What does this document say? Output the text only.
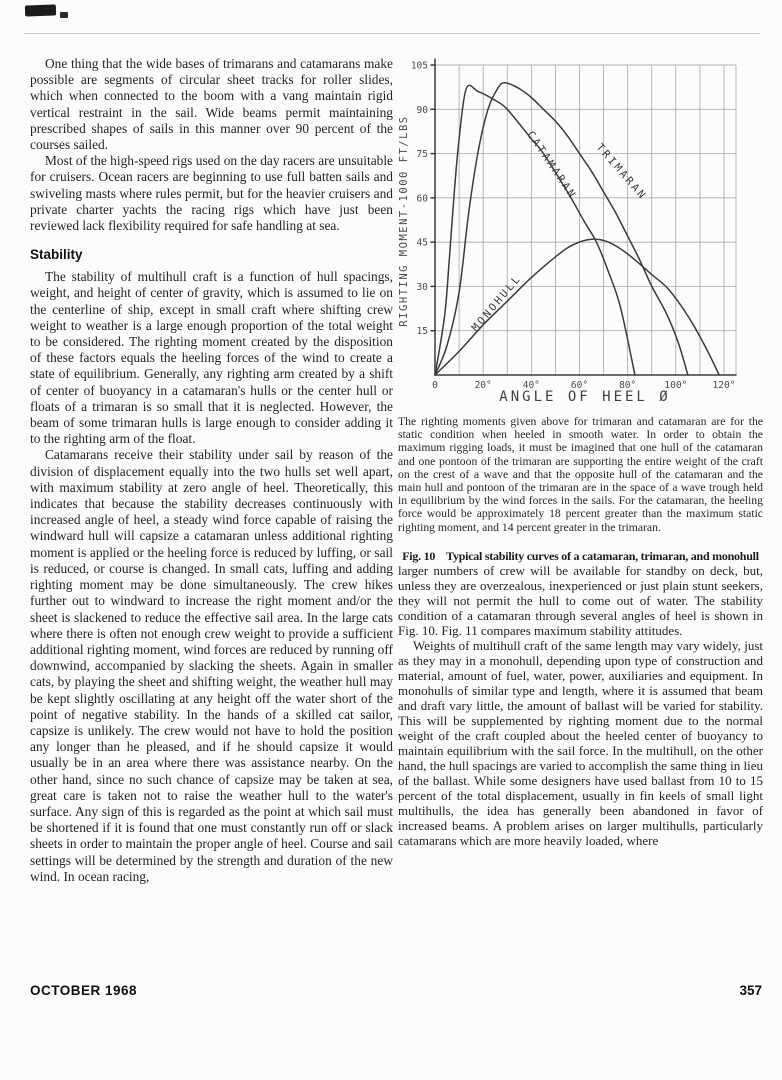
One thing that the wide bases of trimarans and catamarans make possible are segments of circular sheet tracks for roller slides, which when connected to the boom with a vang maintain rigid vertical restraint in the sail. Wide beams permit maintaining prescribed shapes of sails in this manner over 90 percent of the courses sailed.

Most of the high-speed rigs used on the day racers are unsuitable for cruisers. Ocean racers are beginning to use full batten sails and swiveling masts where rules permit, but for the heavier cruisers and private charter yachts the racing rigs which have just been reviewed lack flexibility required for safe handling at sea.

Stability

The stability of multihull craft is a function of hull spacings, weight, and height of center of gravity, which is assumed to lie on the centerline of ship, except in small craft where shifting crew weight to weather is a large enough proportion of the total weight to be considered. The righting moment created by the disposition of these factors equals the heeling forces of the wind to create a state of equilibrium. Generally, any righting arm created by a shift of center of buoyancy in a catamaran's hulls or the center hull or floats of a trimaran is so small that it is neglected. However, the beam of some trimaran hulls is large enough to consider adding it to the righting arm of the float.

Catamarans receive their stability under sail by reason of the division of displacement equally into the two hulls set well apart, with maximum stability at zero angle of heel. Theoretically, this indicates that because the stability decreases continuously with increased angle of heel, a steady wind force capable of raising the windward hull will capsize a catamaran unless additional righting moment is applied or the heeling force is reduced by luffing, or sail is reduced, or course is changed. In small cats, luffing and adding righting moment may be done simultaneously. The crew hikes further out to windward to increase the right moment and/or the sheet is slackened to reduce the effective sail area. In the large cats where there is often not enough crew weight to provide a sufficient additional righting moment, wind forces are reduced by running off downwind, accompanied by slacking the sheets. Again in smaller cats, by playing the sheet and shifting weight, the weather hull may be kept slightly oscillating at any height off the water short of the point of negative stability. In the hands of a skilled cat sailor, capsize is unlikely. The crew would not have to hold the position any longer than he pleased, and if he should capsize it would usually be in an area where there was assistance nearby. On the other hand, since no such chance of capsize may be taken at sea, great care is taken not to raise the weather hull to the water's surface. Any sign of this is regarded as the point at which sail must be shortened if it is found that one must constantly run off or slack sheets in order to maintain the proper angle of heel. Course and sail settings will be determined by the strength and duration of the new wind. In ocean racing,

15
30
45
60
75
90
105
0	20°	40°	60°	80°	100°	120°
CATAMARAN TRIMARAN
MONOHULL
RIGHTING MOMENT-1000 FT/LBS
ANGLE OF HEEL Ø

The righting moments given above for trimaran and catamaran are for the static condition when heeled in smooth water. In order to obtain the maximum rigging loads, it must be imagined that one hull of the catamaran and one pontoon of the trimaran are supporting the entire weight of the craft on the crest of a wave and that the opposite hull of the catamaran and the main hull and pontoon of the trimaran are in the space of a wave trough held in equilibrium by the wind forces in the sails. For the catamaran, the heeling force would be approximately 18 percent greater than the maximum static righting moment, and 14 percent greater in the trimaran.

Fig. 10 Typical stability curves of a catamaran, trimaran, and monohull

larger numbers of crew will be available for standby on deck, but, unless they are overzealous, inexperienced or just plain stunt seekers, they will not permit the hull to come out of water. The stability condition of a catamaran through several angles of heel is shown in Fig. 10. Fig. 11 compares maximum stability attitudes.

Weights of multihull craft of the same length may vary widely, just as they may in a monohull, depending upon type of construction and material, amount of fuel, water, power, auxiliaries and equipment. In monohulls of similar type and length, where it is assumed that beam and draft vary little, the amount of ballast will be varied for stability. This will be supplemented by righting moment due to the normal weight of the craft coupled about the heeled center of buoyancy to maintain equilibrium with the sail force. In the multihull, on the other hand, the hull spacings are varied to accomplish the same thing in lieu of the ballast. While some designers have used ballast from 10 to 15 percent of the total displacement, usually in fin keels of small light multihulls, the idea has generally been abandoned in favor of increased beams. A problem arises on larger multihulls, particularly catamarans which are more heavily loaded, where

OCTOBER 1968	357
